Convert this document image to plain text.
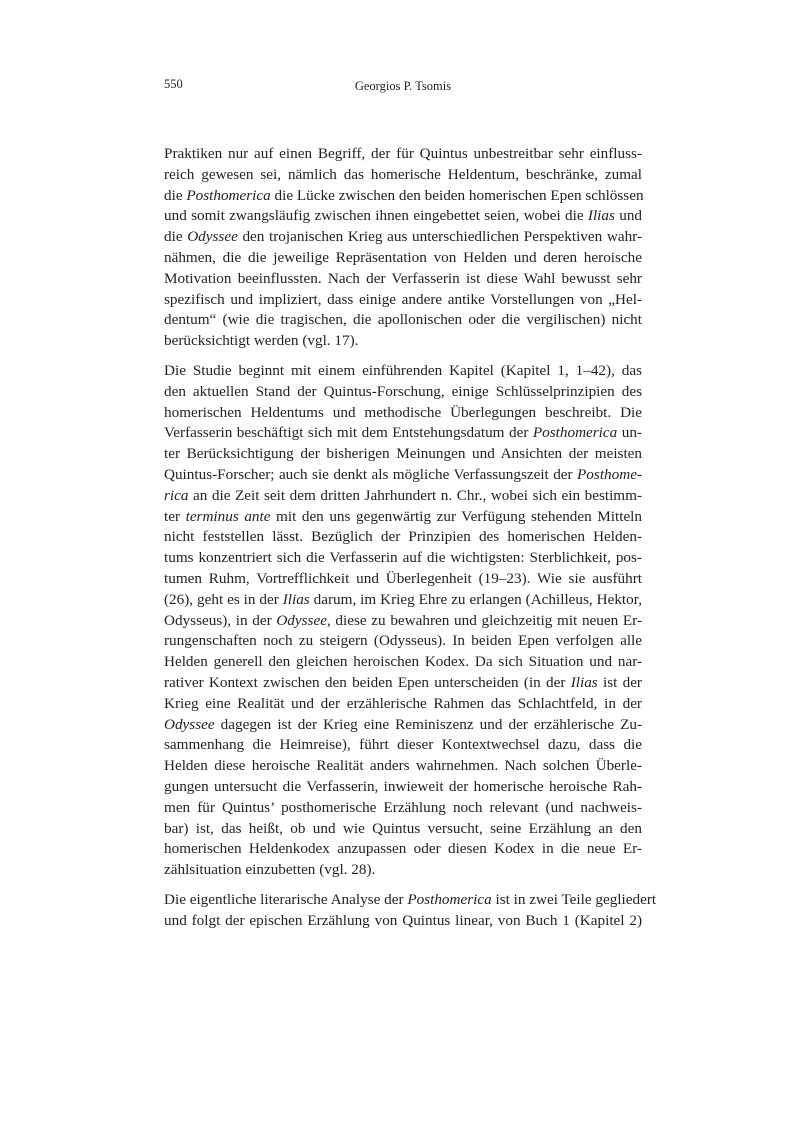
550	Georgios P. Tsomis
Praktiken nur auf einen Begriff, der für Quintus unbestreitbar sehr einfluss-
reich gewesen sei, nämlich das homerische Heldentum, beschränke, zumal
die Posthomerica die Lücke zwischen den beiden homerischen Epen schlössen
und somit zwangsläufig zwischen ihnen eingebettet seien, wobei die Ilias und
die Odyssee den trojanischen Krieg aus unterschiedlichen Perspektiven wahr-
nähmen, die die jeweilige Repräsentation von Helden und deren heroische
Motivation beeinflussten. Nach der Verfasserin ist diese Wahl bewusst sehr
spezifisch und impliziert, dass einige andere antike Vorstellungen von „Hel-
dentum“ (wie die tragischen, die apollonischen oder die vergilischen) nicht
berücksichtigt werden (vgl. 17).
Die Studie beginnt mit einem einführenden Kapitel (Kapitel 1, 1–42), das
den aktuellen Stand der Quintus-Forschung, einige Schlüsselprinzipien des
homerischen Heldentums und methodische Überlegungen beschreibt. Die
Verfasserin beschäftigt sich mit dem Entstehungsdatum der Posthomerica un-
ter Berücksichtigung der bisherigen Meinungen und Ansichten der meisten
Quintus-Forscher; auch sie denkt als mögliche Verfassungszeit der Posthome-
rica an die Zeit seit dem dritten Jahrhundert n. Chr., wobei sich ein bestimm-
ter terminus ante mit den uns gegenwärtig zur Verfügung stehenden Mitteln
nicht feststellen lässt. Bezüglich der Prinzipien des homerischen Helden-
tums konzentriert sich die Verfasserin auf die wichtigsten: Sterblichkeit, pos-
tumen Ruhm, Vortrefflichkeit und Überlegenheit (19–23). Wie sie ausführt
(26), geht es in der Ilias darum, im Krieg Ehre zu erlangen (Achilleus, Hektor,
Odysseus), in der Odyssee, diese zu bewahren und gleichzeitig mit neuen Er-
rungenschaften noch zu steigern (Odysseus). In beiden Epen verfolgen alle
Helden generell den gleichen heroischen Kodex. Da sich Situation und nar-
rativer Kontext zwischen den beiden Epen unterscheiden (in der Ilias ist der
Krieg eine Realität und der erzählerische Rahmen das Schlachtfeld, in der
Odyssee dagegen ist der Krieg eine Reminiszenz und der erzählerische Zu-
sammenhang die Heimreise), führt dieser Kontextwechsel dazu, dass die
Helden diese heroische Realität anders wahrnehmen. Nach solchen Überle-
gungen untersucht die Verfasserin, inwieweit der homerische heroische Rah-
men für Quintus’ posthomerische Erzählung noch relevant (und nachweis-
bar) ist, das heißt, ob und wie Quintus versucht, seine Erzählung an den
homerischen Heldenkodex anzupassen oder diesen Kodex in die neue Er-
zählsituation einzubetten (vgl. 28).
Die eigentliche literarische Analyse der Posthomerica ist in zwei Teile gegliedert
und folgt der epischen Erzählung von Quintus linear, von Buch 1 (Kapitel 2)
